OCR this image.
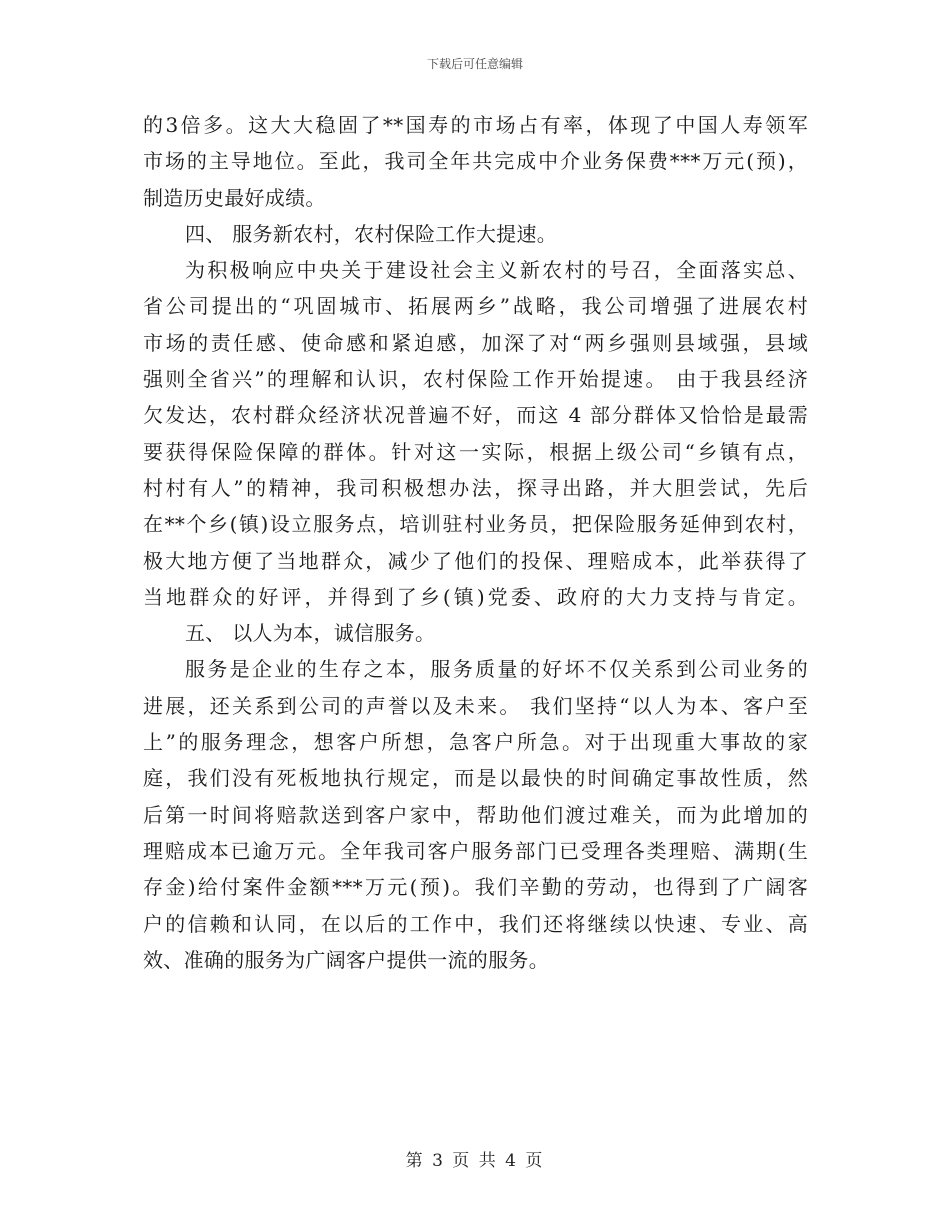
下载后可任意编辑
的3倍多。这大大稳固了**国寿的市场占有率，体现了中国人寿领军
市场的主导地位。至此，我司全年共完成中介业务保费***万元(预)，
制造历史最好成绩。
四、 服务新农村，农村保险工作大提速。
为积极响应中央关于建设社会主义新农村的号召，全面落实总、
省公司提出的“巩固城市、拓展两乡”战略，我公司增强了进展农村
市场的责任感、使命感和紧迫感，加深了对“两乡强则县域强，县域
强则全省兴”的理解和认识，农村保险工作开始提速。 由于我县经济
欠发达，农村群众经济状况普遍不好，而这 4 部分群体又恰恰是最需
要获得保险保障的群体。针对这一实际，根据上级公司“乡镇有点，
村村有人”的精神，我司积极想办法，探寻出路，并大胆尝试，先后
在**个乡(镇)设立服务点，培训驻村业务员，把保险服务延伸到农村，
极大地方便了当地群众，减少了他们的投保、理赔成本，此举获得了
当地群众的好评，并得到了乡(镇)党委、政府的大力支持与肯定。
五、 以人为本，诚信服务。
服务是企业的生存之本，服务质量的好坏不仅关系到公司业务的
进展，还关系到公司的声誉以及未来。 我们坚持“以人为本、客户至
上”的服务理念，想客户所想，急客户所急。对于出现重大事故的家
庭，我们没有死板地执行规定，而是以最快的时间确定事故性质，然
后第一时间将赔款送到客户家中，帮助他们渡过难关，而为此增加的
理赔成本已逾万元。全年我司客户服务部门已受理各类理赔、满期(生
存金)给付案件金额***万元(预)。我们辛勤的劳动，也得到了广阔客
户的信赖和认同，在以后的工作中，我们还将继续以快速、专业、高
效、准确的服务为广阔客户提供一流的服务。
第 3 页 共 4 页
